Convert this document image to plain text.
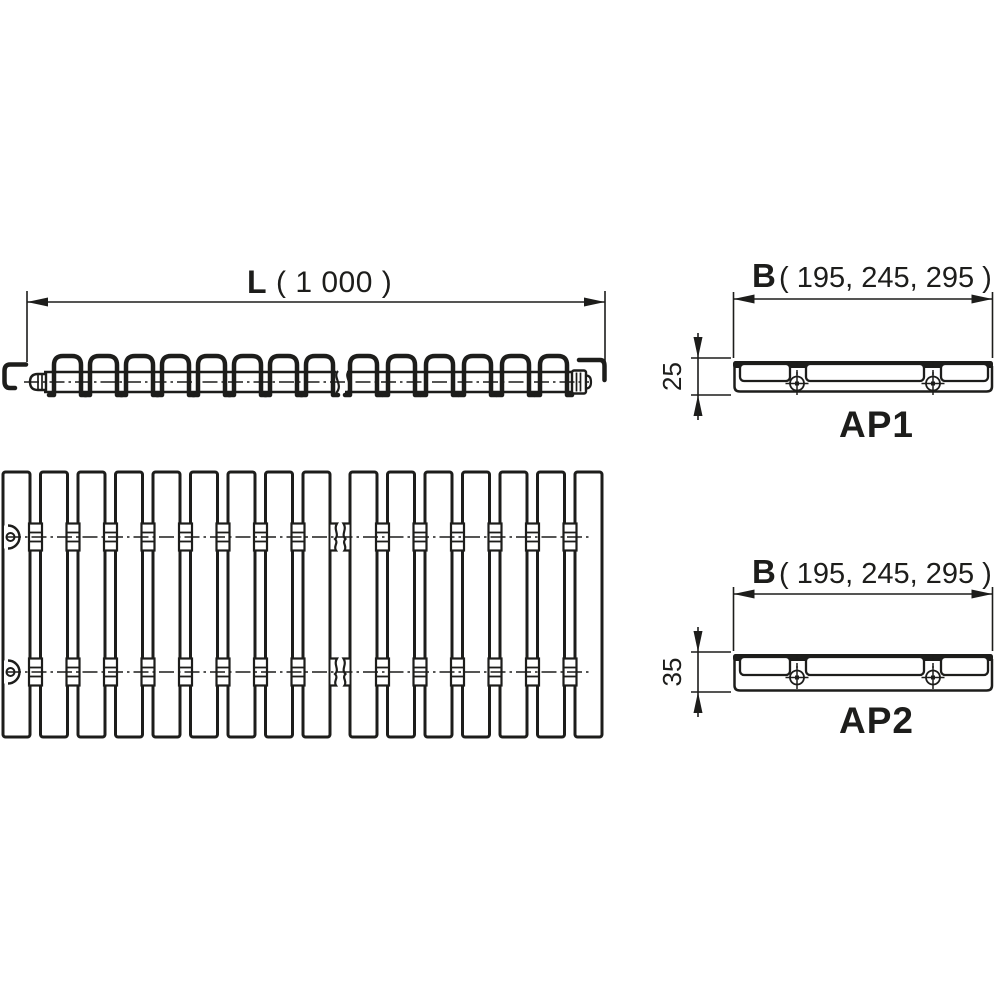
L ( 1 000 )	B ( 195, 245, 295 )
25
AP1
B ( 195, 245, 295 )
35
AP2
